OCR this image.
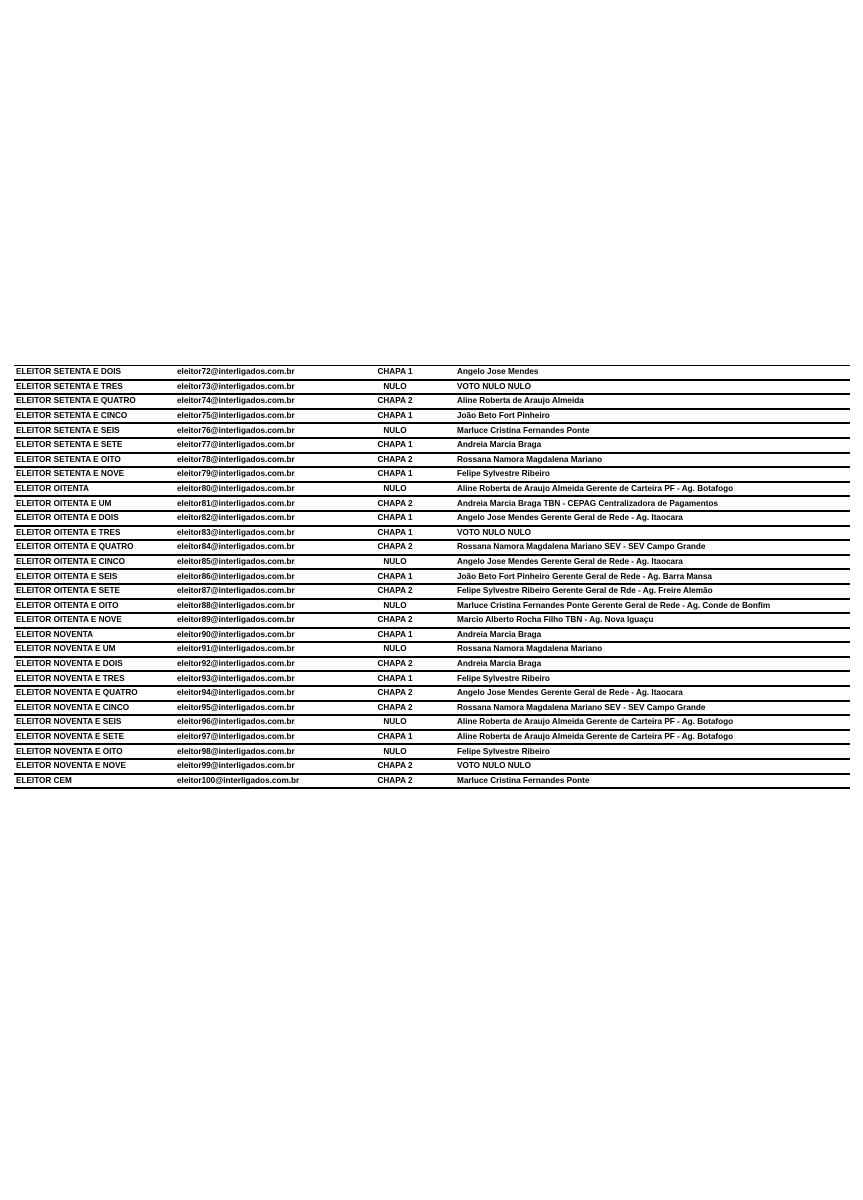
ELEITOR SETENTA E DOIS	eleitor72@interligados.com.br	CHAPA 1	Angelo Jose Mendes
ELEITOR SETENTA E TRÊS	eleitor73@interligados.com.br	NULO	VOTO NULO NULO
ELEITOR SETENTA E QUATRO	eleitor74@interligados.com.br	CHAPA 2	Aline Roberta de Araujo Almeida
ELEITOR SETENTA E CINCO	eleitor75@interligados.com.br	CHAPA 1	João Beto Fort Pinheiro
ELEITOR SETENTA E SEIS	eleitor76@interligados.com.br	NULO	Marluce Cristina Fernandes Ponte
ELEITOR SETENTA E SETE	eleitor77@interligados.com.br	CHAPA 1	Andreia Marcia Braga
ELEITOR SETENTA E OITO	eleitor78@interligados.com.br	CHAPA 2	Rossana Namora Magdalena Mariano
ELEITOR SETENTA E NOVE	eleitor79@interligados.com.br	CHAPA 1	Felipe Sylvestre Ribeiro
ELEITOR OITENTA	eleitor80@interligados.com.br	NULO	Aline Roberta de Araujo Almeida Gerente de Carteira PF - Ag. Botafogo
ELEITOR OITENTA E UM	eleitor81@interligados.com.br	CHAPA 2	Andreia Marcia Braga TBN - CEPAG Centralizadora de Pagamentos
ELEITOR OITENTA E DOIS	eleitor82@interligados.com.br	CHAPA 1	Angelo Jose Mendes Gerente Geral de Rede - Ag. Itaocara
ELEITOR OITENTA E TRÊS	eleitor83@interligados.com.br	CHAPA 1	VOTO NULO NULO
ELEITOR OITENTA E QUATRO	eleitor84@interligados.com.br	CHAPA 2	Rossana Namora Magdalena Mariano SEV - SEV Campo Grande
ELEITOR OITENTA E CINCO	eleitor85@interligados.com.br	NULO	Angelo Jose Mendes Gerente Geral de Rede - Ag. Itaocara
ELEITOR OITENTA E SEIS	eleitor86@interligados.com.br	CHAPA 1	João Beto Fort Pinheiro Gerente Geral de Rede - Ag. Barra Mansa
ELEITOR OITENTA E SETE	eleitor87@interligados.com.br	CHAPA 2	Felipe Sylvestre Ribeiro Gerente Geral de Rde - Ag. Freire Alemão
ELEITOR OITENTA E OITO	eleitor88@interligados.com.br	NULO	Marluce Cristina Fernandes Ponte Gerente Geral de Rede - Ag. Conde de Bonfim
ELEITOR OITENTA E NOVE	eleitor89@interligados.com.br	CHAPA 2	Marcio Alberto Rocha Filho TBN - Ag. Nova Iguaçu
ELEITOR NOVENTA	eleitor90@interligados.com.br	CHAPA 1	Andreia Marcia Braga
ELEITOR NOVENTA E UM	eleitor91@interligados.com.br	NULO	Rossana Namora Magdalena Mariano
ELEITOR NOVENTA E DOIS	eleitor92@interligados.com.br	CHAPA 2	Andreia Marcia Braga
ELEITOR NOVENTA E TRÊS	eleitor93@interligados.com.br	CHAPA 1	Felipe Sylvestre Ribeiro
ELEITOR NOVENTA E QUATRO	eleitor94@interligados.com.br	CHAPA 2	Angelo Jose Mendes Gerente Geral de Rede - Ag. Itaocara
ELEITOR NOVENTA E CINCO	eleitor95@interligados.com.br	CHAPA 2	Rossana Namora Magdalena Mariano SEV - SEV Campo Grande
ELEITOR NOVENTA E SEIS	eleitor96@interligados.com.br	NULO	Aline Roberta de Araujo Almeida Gerente de Carteira PF - Ag. Botafogo
ELEITOR NOVENTA E SETE	eleitor97@interligados.com.br	CHAPA 1	Aline Roberta de Araujo Almeida Gerente de Carteira PF - Ag. Botafogo
ELEITOR NOVENTA E OITO	eleitor98@interligados.com.br	NULO	Felipe Sylvestre Ribeiro
ELEITOR NOVENTA E NOVE	eleitor99@interligados.com.br	CHAPA 2	VOTO NULO NULO
ELEITOR CEM	eleitor100@interligados.com.br	CHAPA 2	Marluce Cristina Fernandes Ponte
